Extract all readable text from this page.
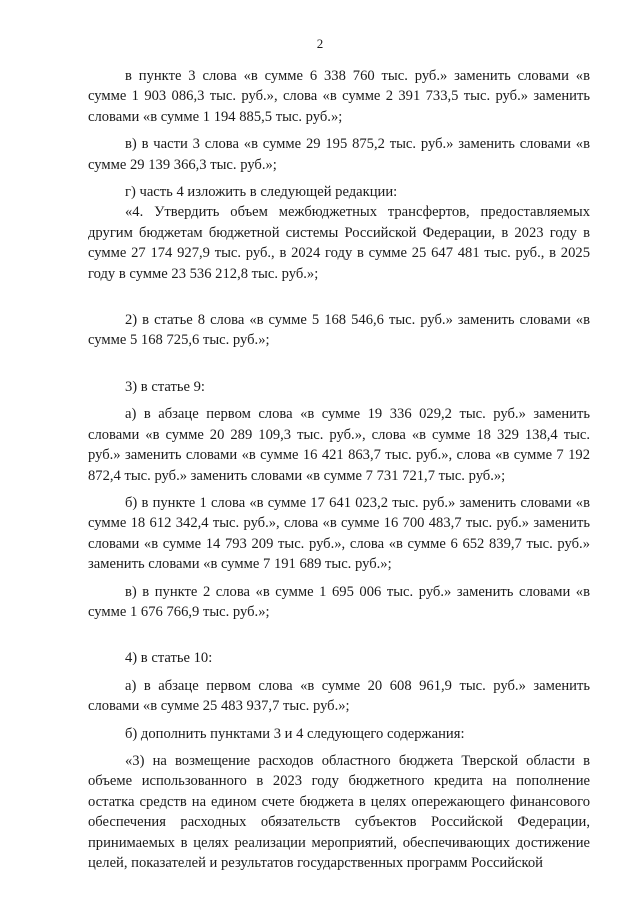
2

в пункте 3 слова «в сумме 6 338 760 тыс. руб.» заменить словами «в сумме 1 903 086,3 тыс. руб.», слова «в сумме 2 391 733,5 тыс. руб.» заменить словами «в сумме 1 194 885,5 тыс. руб.»;

в) в части 3 слова «в сумме 29 195 875,2 тыс. руб.» заменить словами «в сумме 29 139 366,3 тыс. руб.»;

г) часть 4 изложить в следующей редакции:

«4. Утвердить объем межбюджетных трансфертов, предоставляемых другим бюджетам бюджетной системы Российской Федерации, в 2023 году в сумме 27 174 927,9 тыс. руб., в 2024 году в сумме 25 647 481 тыс. руб., в 2025 году в сумме 23 536 212,8 тыс. руб.»;

2) в статье 8 слова «в сумме 5 168 546,6 тыс. руб.» заменить словами «в сумме 5 168 725,6 тыс. руб.»;

3) в статье 9:

а) в абзаце первом слова «в сумме 19 336 029,2 тыс. руб.» заменить словами «в сумме 20 289 109,3 тыс. руб.», слова «в сумме 18 329 138,4 тыс. руб.» заменить словами «в сумме 16 421 863,7 тыс. руб.», слова «в сумме 7 192 872,4 тыс. руб.» заменить словами «в сумме 7 731 721,7 тыс. руб.»;

б) в пункте 1 слова «в сумме 17 641 023,2 тыс. руб.» заменить словами «в сумме 18 612 342,4 тыс. руб.», слова «в сумме 16 700 483,7 тыс. руб.» заменить словами «в сумме 14 793 209 тыс. руб.», слова «в сумме 6 652 839,7 тыс. руб.» заменить словами «в сумме 7 191 689 тыс. руб.»;

в) в пункте 2 слова «в сумме 1 695 006 тыс. руб.» заменить словами «в сумме 1 676 766,9 тыс. руб.»;

4) в статье 10:

а) в абзаце первом слова «в сумме 20 608 961,9 тыс. руб.» заменить словами «в сумме 25 483 937,7 тыс. руб.»;

б) дополнить пунктами 3 и 4 следующего содержания:

«3) на возмещение расходов областного бюджета Тверской области в объеме использованного в 2023 году бюджетного кредита на пополнение остатка средств на едином счете бюджета в целях опережающего финансового обеспечения расходных обязательств субъектов Российской Федерации, принимаемых в целях реализации мероприятий, обеспечивающих достижение целей, показателей и результатов государственных программ Российской
